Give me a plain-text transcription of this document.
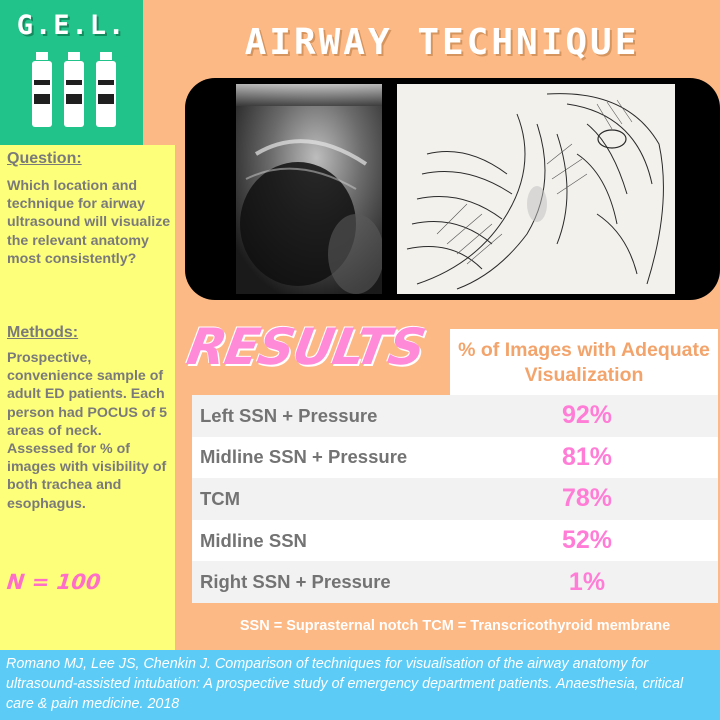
G.E.L.	AIRWAY TECHNIQUE
Question:
Which location and technique for airway ultrasound will visualize the relevant anatomy most consistently?
Methods:
Prospective, convenience sample of adult ED patients. Each person had POCUS of 5 areas of neck. Assessed for % of images with visibility of both trachea and esophagus.
N = 100
RESULTS	% of Images with Adequate Visualization
Left SSN + Pressure	92%
Midline SSN + Pressure	81%
TCM	78%
Midline SSN	52%
Right SSN + Pressure	1%
SSN = Suprasternal notch TCM = Transcricothyroid membrane
Romano MJ, Lee JS, Chenkin J. Comparison of techniques for visualisation of the airway anatomy for ultrasound-assisted intubation: A prospective study of emergency department patients. Anaesthesia, critical care & pain medicine. 2018
